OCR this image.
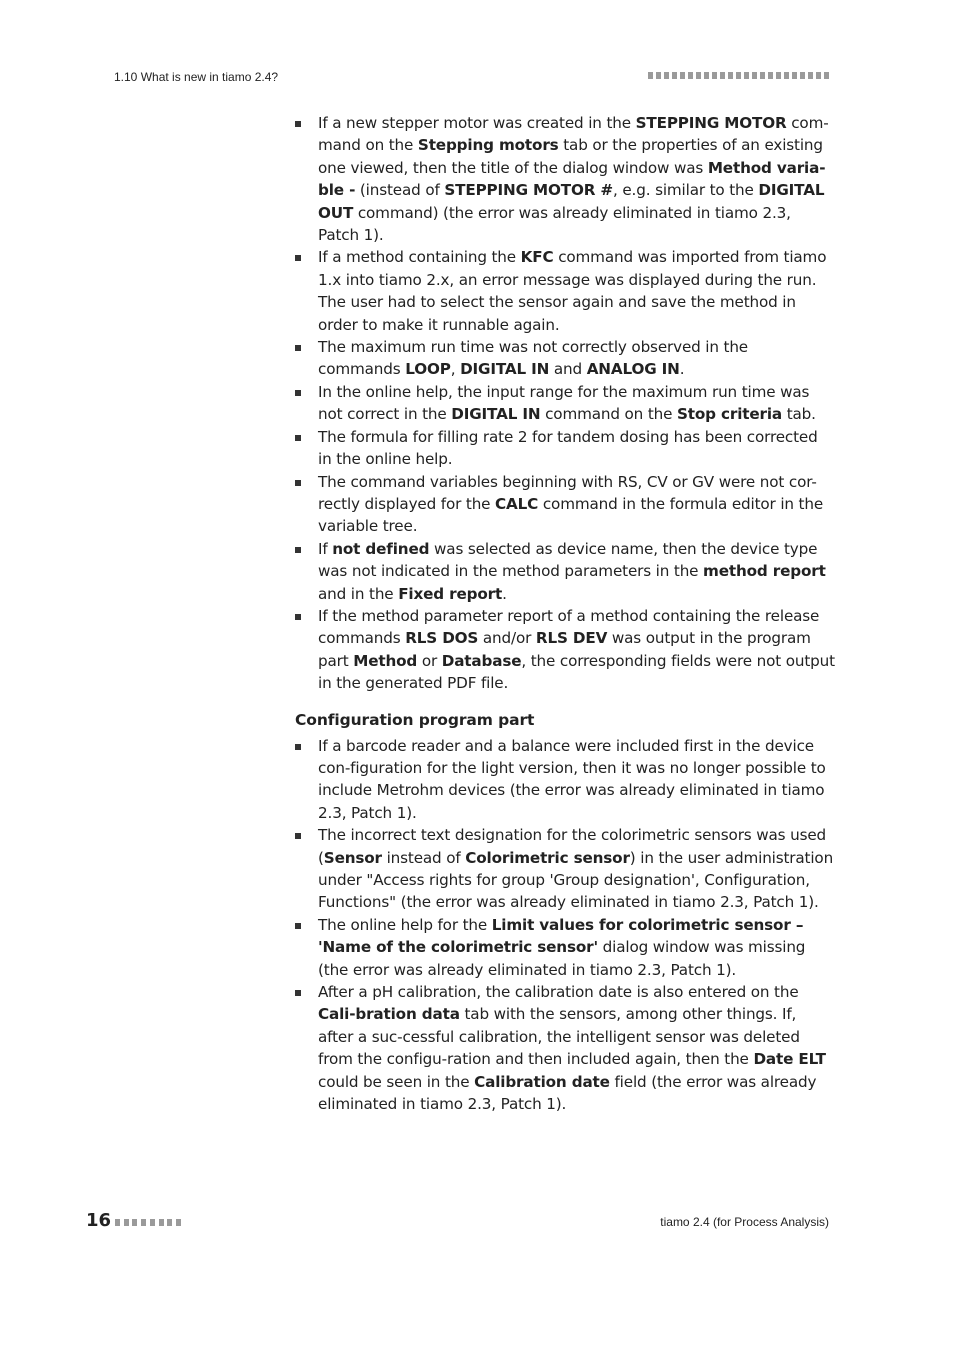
1.10 What is new in tiamo 2.4?
If a new stepper motor was created in the STEPPING MOTOR com-mand on the Stepping motors tab or the properties of an existing one viewed, then the title of the dialog window was Method varia-ble - (instead of STEPPING MOTOR #, e.g. similar to the DIGITAL OUT command) (the error was already eliminated in tiamo 2.3, Patch 1).
If a method containing the KFC command was imported from tiamo 1.x into tiamo 2.x, an error message was displayed during the run. The user had to select the sensor again and save the method in order to make it runnable again.
The maximum run time was not correctly observed in the commands LOOP, DIGITAL IN and ANALOG IN.
In the online help, the input range for the maximum run time was not correct in the DIGITAL IN command on the Stop criteria tab.
The formula for filling rate 2 for tandem dosing has been corrected in the online help.
The command variables beginning with RS, CV or GV were not cor-rectly displayed for the CALC command in the formula editor in the variable tree.
If not defined was selected as device name, then the device type was not indicated in the method parameters in the method report and in the Fixed report.
If the method parameter report of a method containing the release commands RLS DOS and/or RLS DEV was output in the program part Method or Database, the corresponding fields were not output in the generated PDF file.
Configuration program part
If a barcode reader and a balance were included first in the device con-figuration for the light version, then it was no longer possible to include Metrohm devices (the error was already eliminated in tiamo 2.3, Patch 1).
The incorrect text designation for the colorimetric sensors was used (Sensor instead of Colorimetric sensor) in the user administration under "Access rights for group 'Group designation', Configuration, Functions" (the error was already eliminated in tiamo 2.3, Patch 1).
The online help for the Limit values for colorimetric sensor – 'Name of the colorimetric sensor' dialog window was missing (the error was already eliminated in tiamo 2.3, Patch 1).
After a pH calibration, the calibration date is also entered on the Cali-bration data tab with the sensors, among other things. If, after a suc-cessful calibration, the intelligent sensor was deleted from the configu-ration and then included again, then the Date ELT could be seen in the Calibration date field (the error was already eliminated in tiamo 2.3, Patch 1).
16	tiamo 2.4 (for Process Analysis)
